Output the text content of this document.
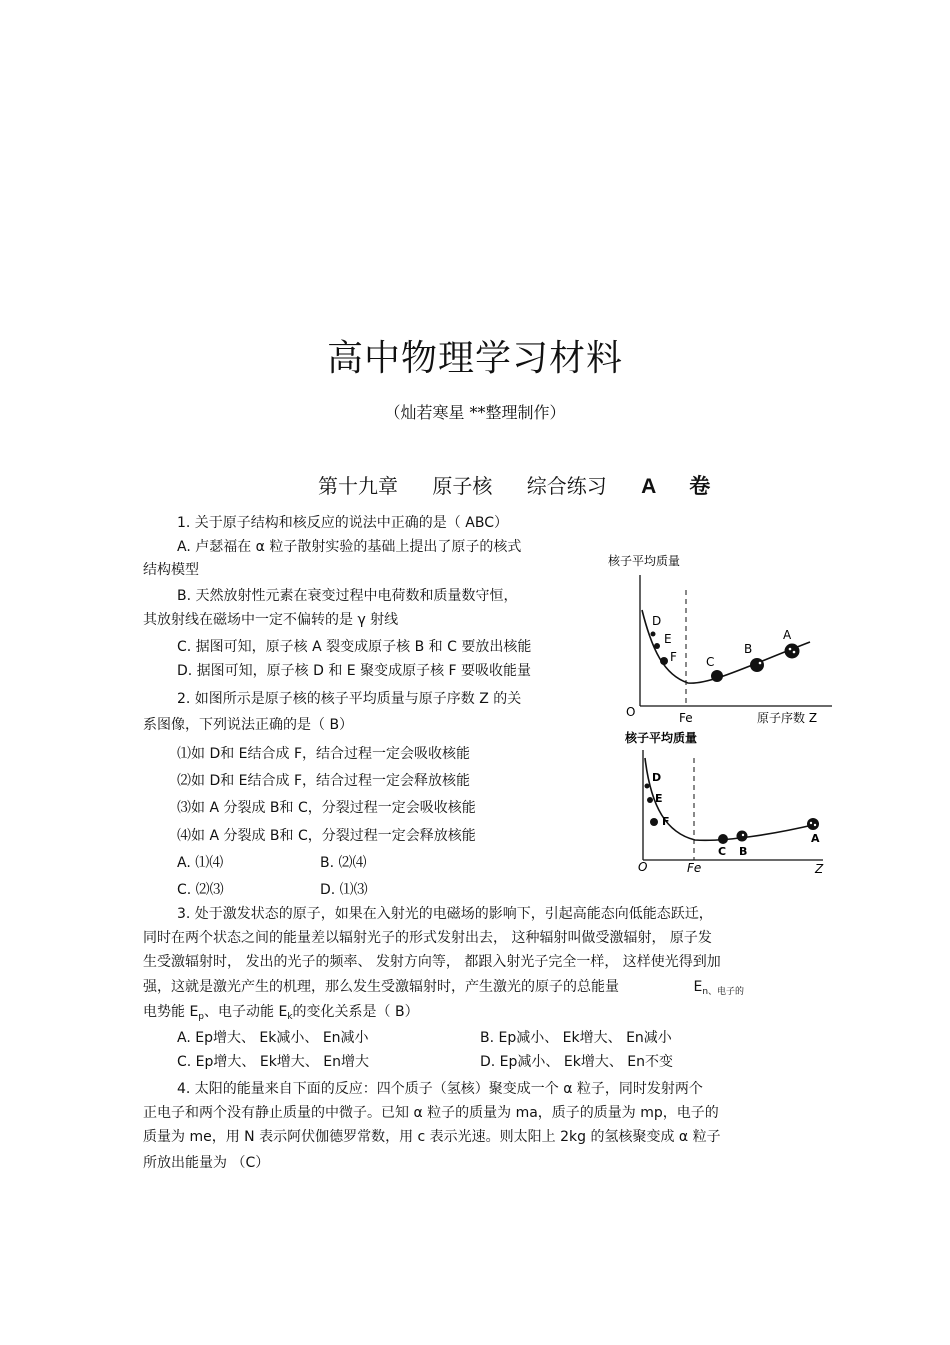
高中物理学习材料
（灿若寒星 **整理制作）
第十九章 原子核 综合练习 A 卷
1. 关于原子结构和核反应的说法中正确的是（ ABC）
A. 卢瑟福在 α 粒子散射实验的基础上提出了原子的核式
结构模型
B. 天然放射性元素在衰变过程中电荷数和质量数守恒，
其放射线在磁场中一定不偏转的是 γ 射线
C. 据图可知，原子核 A 裂变成原子核 B 和 C 要放出核能
D. 据图可知，原子核 D 和 E 聚变成原子核 F 要吸收能量
2. 如图所示是原子核的核子平均质量与原子序数 Z 的关
系图像，下列说法正确的是（ B）
⑴如 D和 E结合成 F，结合过程一定会吸收核能
⑵如 D和 E结合成 F，结合过程一定会释放核能
⑶如 A 分裂成 B和 C，分裂过程一定会吸收核能
⑷如 A 分裂成 B和 C，分裂过程一定会释放核能
A. ⑴⑷	B. ⑵⑷
C. ⑵⑶	D. ⑴⑶
3. 处于激发状态的原子，如果在入射光的电磁场的影响下，引起高能态向低能态跃迁，
同时在两个状态之间的能量差以辐射光子的形式发射出去， 这种辐射叫做受激辐射， 原子发
生受激辐射时， 发出的光子的频率、 发射方向等， 都跟入射光子完全一样， 这样使光得到加
强，这就是激光产生的机理，那么发生受激辐射时，产生激光的原子的总能量	$E_{n、电子的}$
电势能 $E_p$、电子动能 $E_k$的变化关系是（ B）
A. Ep增大、 Ek减小、 En减小	B. Ep减小、 Ek增大、 En减小
C. Ep增大、 Ek增大、 En增大	D. Ep减小、 Ek增大、 En不变
4. 太阳的能量来自下面的反应：四个质子（氢核）聚变成一个 α 粒子，同时发射两个
正电子和两个没有静止质量的中微子。已知 α 粒子的质量为 ma，质子的质量为 mp，电子的
质量为 me，用 N 表示阿伏伽德罗常数，用 c 表示光速。则太阳上 2kg 的氢核聚变成 α 粒子
所放出能量为 （C）
核子平均质量
D
E
F C
B
A
O	Fe	原子序数 Z
核子平均质量
D
E
F
C B
A
O	Fe	Z
